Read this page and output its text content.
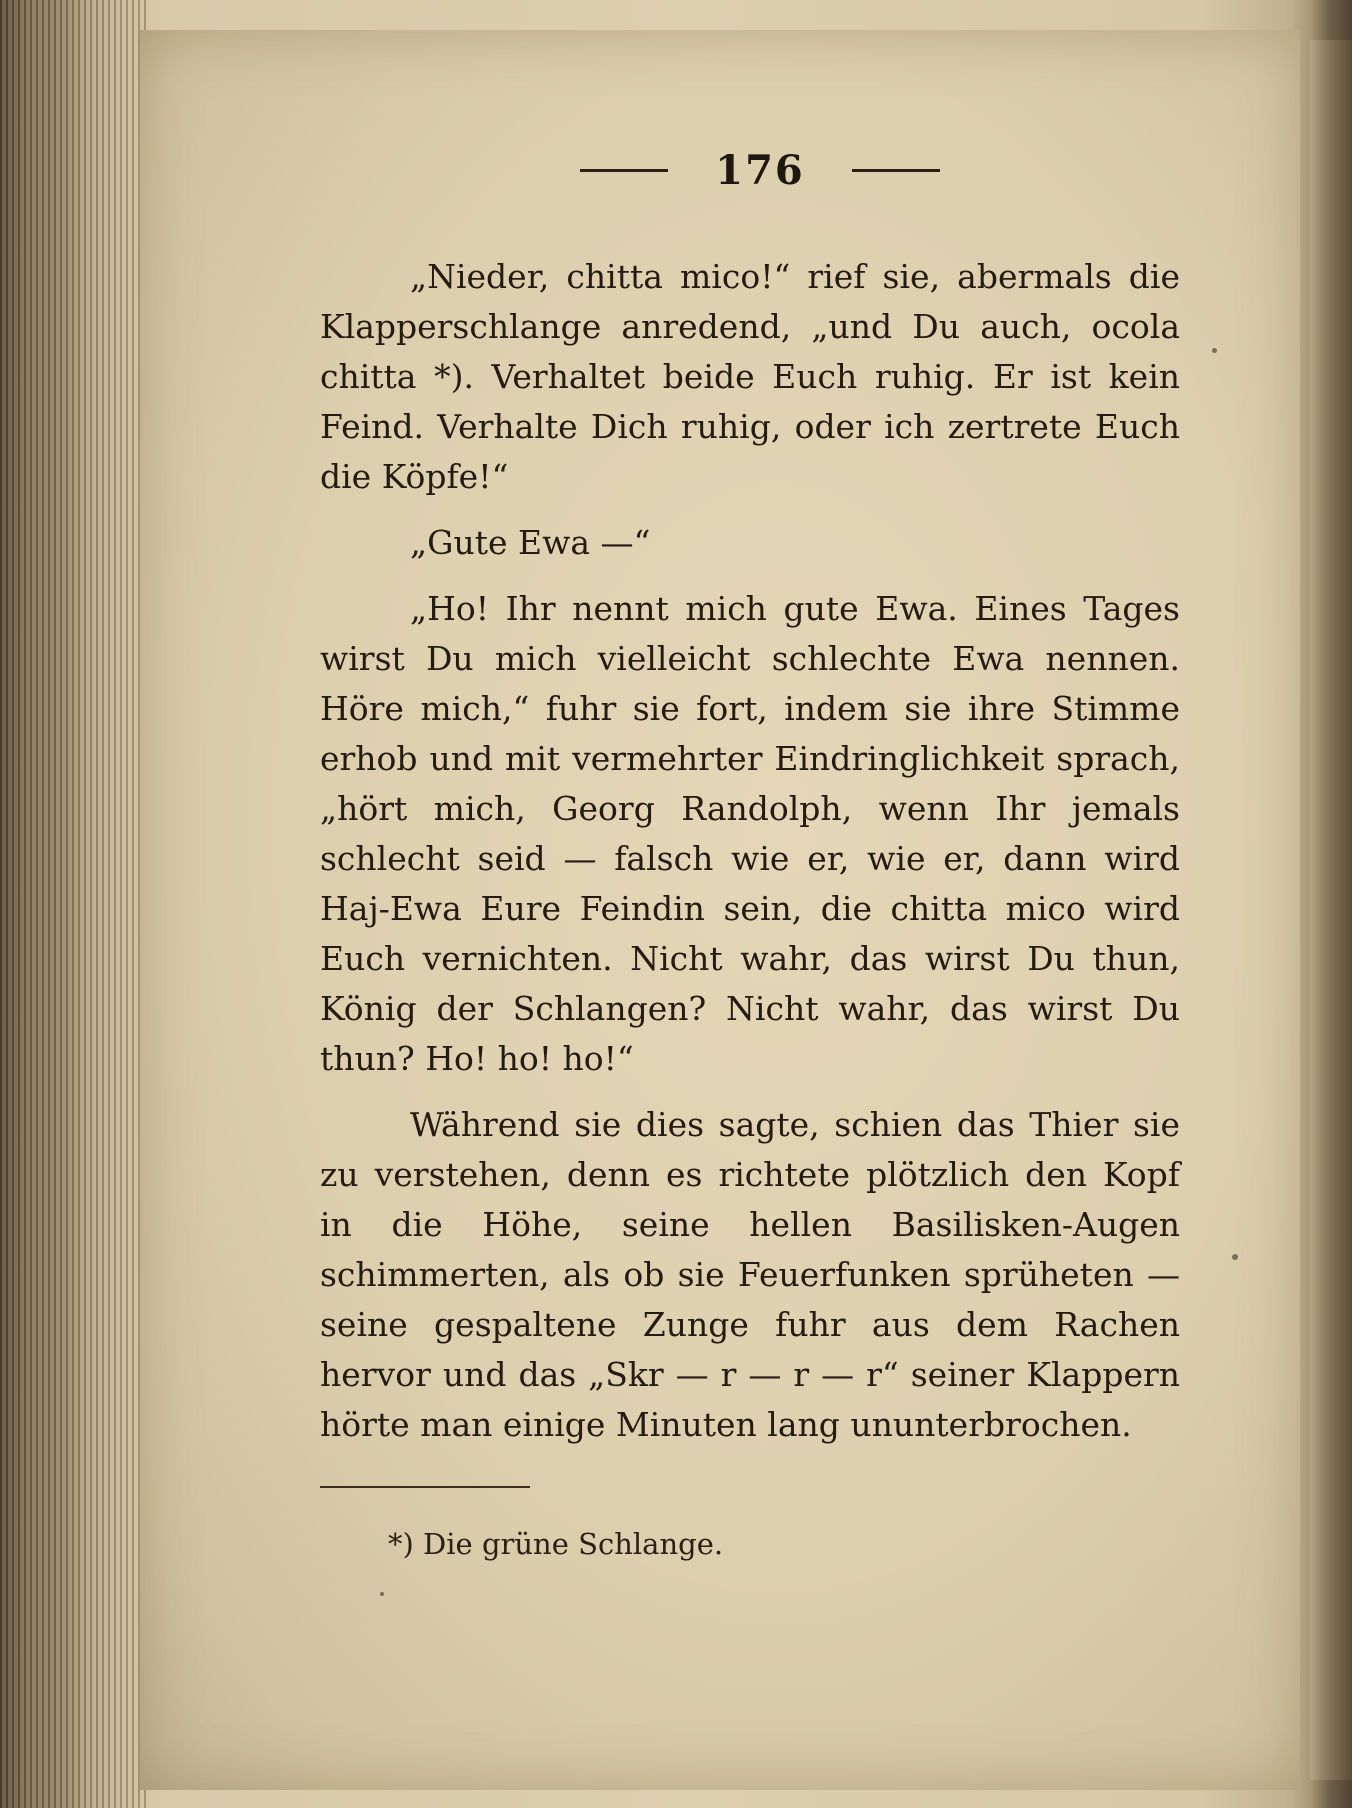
176

„Nieder, chitta mico!“ rief sie, abermals die Klapperschlange anredend, „und Du auch, ocola chitta *). Verhaltet beide Euch ruhig. Er ist kein Feind. Verhalte Dich ruhig, oder ich zertrete Euch die Köpfe!“

„Gute Ewa —“

„Ho! Ihr nennt mich gute Ewa. Eines Tages wirst Du mich vielleicht schlechte Ewa nennen. Höre mich,“ fuhr sie fort, indem sie ihre Stimme erhob und mit vermehrter Eindringlichkeit sprach, „hört mich, Georg Randolph, wenn Ihr jemals schlecht seid — falsch wie er, wie er, dann wird Haj-Ewa Eure Feindin sein, die chitta mico wird Euch vernichten. Nicht wahr, das wirst Du thun, König der Schlangen? Nicht wahr, das wirst Du thun? Ho! ho! ho!“

Während sie dies sagte, schien das Thier sie zu verstehen, denn es richtete plötzlich den Kopf in die Höhe, seine hellen Basilisken-Augen schimmerten, als ob sie Feuerfunken sprüheten — seine gespaltene Zunge fuhr aus dem Rachen hervor und das „Skr — r — r — r“ seiner Klappern hörte man einige Minuten lang ununterbrochen.

*) Die grüne Schlange.
